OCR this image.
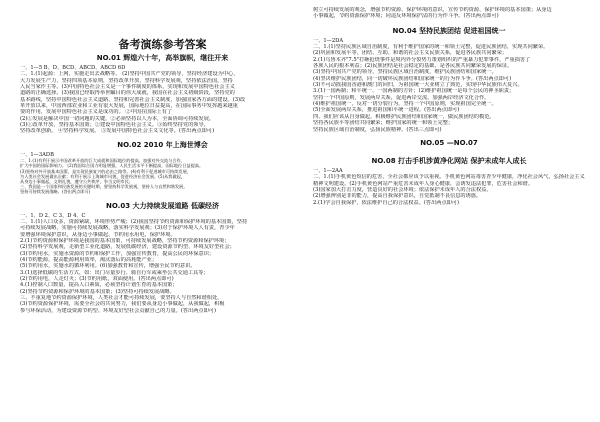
备考演练参考答案

NO.01 辉煌六十年，高举旗帜，继往开来

一、1—5 B、D、BCD、ABCD、ABCD 6D

二、1.(1)起源：上网，实施走出去战略等。 (2)坚持中国共产党的领导，坚持经济建设为中心，

大力发展生产力，坚持四项基本原则，坚持改革开放，坚持科学发展观，坚持依法治国，坚持

人民当家作主等。(3)中国特色社会主义是一个事件制度的体系，实现和发展中国特色社会主义

道路的正确选择。(3)我国已经取得举世瞩目的伟大成就，我国在社会主义初级阶段，坚持党的

基本路线，坚持中国特色社会主义道路，坚持和完善社会主义制度，加强国家各方面的建设。(3)改

革开放以来，中国西部农业和工业有很大发展，国际地位日益提高，在国际事务中发挥越来越重

要的作用，发展中国特色社会主义是成功的。 ②中国在国际上有了

(2)①发展是解决中国一切问题的关键。②必须坚持以人为本，全面协调可持续发展。

(3)①改革开放，坚持基本国策；②建设中国特色社会主义。③始终坚持党的领导，

坚持改革创新。 ④坚持科学发展。 ⑤发展中国特色社会主义文化等。(答出两点即可)

NO.02 2010 年上海世博会

一、1—3ADB

二、1.(1)有利于展示中国改革开放的巨大成就和国际地位的提高，加强对外交流与合作，

扩大中国的国际影响力。 (2)我国综合国力明显增强，人民生活水平不断提高，国际地位日益提高。

(3)坚持对外开放基本国策，是实现民族复兴的必由之路等。(4)有利于促进城市可持续发展，

为人类社会发展做出贡献；有利于展示上海城市风貌，促进经济社会发展。(5)从我做起，

从身边小事做起，文明礼貌，遵守公共秩序，争当文明市民。

三、我国是一个国家和民族发展的关键时期，要坚持科学发展观，坚持人与自然和谐发展，

坚持可持续发展战略。(答出两点即可)

NO.03 大力持续发展道路 低碳经济

一、1、D 2、C 3、D 4、C

二、1.(1)人口众多，资源紧缺，环境形势严峻；(2)我国坚持节约资源和保护环境的基本国策，坚持

可持续发展战略，实施可持续发展战略，落实科学发展观；(3)对于保护环境人人有责，青少年

要增强环境保护意识，从身边小事做起，节约用水用电，保护环境。

2.(1)节约资源和保护环境是我国的基本国策，可持续发展战略，坚持节约资源和保护环境；

(2)坚持科学发展观，走新型工业化道路，发展低碳经济，建设资源节约型、环境友好型社会；

(3)节约用水，实施水资源的节约和保护工作，加强宣传教育，提高公民的环保意识；

(4)节约能源，提高能源利用效率，淘汰落后的高耗能产业；

(5)节约用水，实施水的循环利用。(6)加强教育和宣传，增强全民节约意识。

3.(1)选择低碳的生活方式，如：出门尽量步行、骑自行车或乘坐公共交通工具等；

(2)节约用电，人走灯灭；(3)节约用纸，双面使用。(答出两点即可)

4.(1)控制人口数量，提高人口素质，必须坚持计划生育的基本国策；

(2)坚持节约资源和保护环境的基本国策；(3)坚持可持续发展战略。

三、不重复地节约资源保护环境，人类社会才能可持续发展，要坚持人与自然和谐相处。

(3)节约资源保护环境，需要全社会的共同努力，我们要从身边小事做起，从我做起，积极

参与环保活动，为建设资源节约型、环境友好型社会贡献自己的力量。(答出两点即可)

树立可持续发展的观念，增强节约资源、保护环境的意识，宣传节约资源、保护环境的基本国策；从身边

小事做起，节约资源保护环境；同违反环境保护法的行为作斗争。(答出两点即可)

NO.04 坚持民族团结 促进祖国统一

一、1—2DA

二、1.(1)坚持民族区域自治制度，有利于维护国家的统一和领土完整，促进民族团结，实现共同繁荣。

(2)巩固和发展平等、团结、互助、和谐的社会主义民族关系，促进各民族共同繁荣；

2.(1)乌鲁木齐"7.5"打砸抢烧事件是境内外分裂势力策划组织的严重暴力犯罪事件，严重损害了

各族人民的根本利益；(2)民族团结是社会稳定的基础，是各民族共同繁荣发展的保证。

(3)坚持中国共产党的领导，坚持民族区域自治制度，维护民族团结和国家统一。

(4)坚决维护民族团结，同一切破坏民族团结和国家统一的行为作斗争。(答出两点即可)

(3)不可动摇我国香港和澳门的回归，为祖国统一大业树立了典范，实现中华民族伟大复兴。

3.(1)一国两制；和平统一、一国两制的方针；(2)维护祖国统一是每个公民的神圣职责；

坚持一个中国原则，发展两岸关系，促进两岸交流，加强两岸经济文化合作。

(4)维护祖国统一，反对一切分裂行为，坚持一个中国原则，实现祖国完全统一。

(5)全面发展两岸关系，推进祖国和平统一进程。(答出两点即可)

四、我们应该从自身做起，积极维护民族团结和国家统一，做民族团结的模范。

坚持各民族平等团结共同繁荣；维护国家的统一和领土完整；

坚持民族区域自治制度，弘扬民族精神。(答出三点即可)

NO.05 —NO.07

NO.08 打击手机涉黄净化网站 保护未成年人成长

一、1—2AA

二、1.(1)手机黄色短信的危害，全社会都应该予以重视。手机黄色网站毒害青少年健康，净化社会风气，弘扬社会主义

精神文明建设。(2)手机黄色网站严重危害未成年人身心健康，会诱发违法犯罪，危害社会和谐。

(3)国家加大打击力度，营造良好的社会环境；依法保护未成年人的合法权益。

(2)增强辨别是非的能力，提高自我保护意识，自觉抵制不良信息的诱惑。

2.(1)学会自我保护，依法维护自己的合法权益。(答出两点即可)
